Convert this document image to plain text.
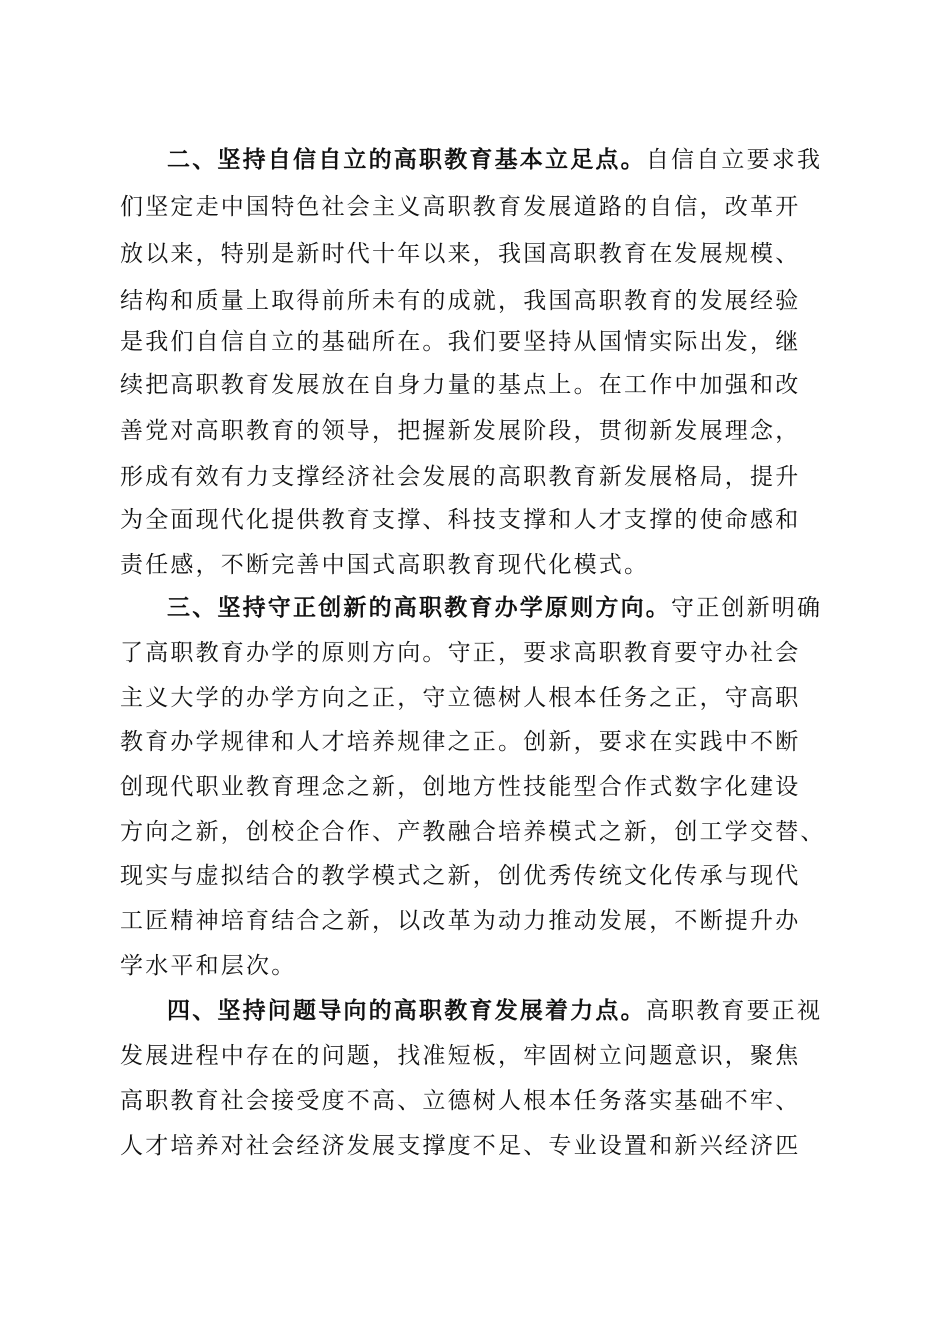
二、坚持自信自立的高职教育基本立足点。自信自立要求我
们坚定走中国特色社会主义高职教育发展道路的自信，改革开
放以来，特别是新时代十年以来，我国高职教育在发展规模、
结构和质量上取得前所未有的成就，我国高职教育的发展经验
是我们自信自立的基础所在。我们要坚持从国情实际出发，继
续把高职教育发展放在自身力量的基点上。在工作中加强和改
善党对高职教育的领导，把握新发展阶段，贯彻新发展理念，
形成有效有力支撑经济社会发展的高职教育新发展格局，提升
为全面现代化提供教育支撑、科技支撑和人才支撑的使命感和
责任感，不断完善中国式高职教育现代化模式。
三、坚持守正创新的高职教育办学原则方向。守正创新明确
了高职教育办学的原则方向。守正，要求高职教育要守办社会
主义大学的办学方向之正，守立德树人根本任务之正，守高职
教育办学规律和人才培养规律之正。创新，要求在实践中不断
创现代职业教育理念之新，创地方性技能型合作式数字化建设
方向之新，创校企合作、产教融合培养模式之新，创工学交替、
现实与虚拟结合的教学模式之新，创优秀传统文化传承与现代
工匠精神培育结合之新，以改革为动力推动发展，不断提升办
学水平和层次。
四、坚持问题导向的高职教育发展着力点。高职教育要正视
发展进程中存在的问题，找准短板，牢固树立问题意识，聚焦
高职教育社会接受度不高、立德树人根本任务落实基础不牢、
人才培养对社会经济发展支撑度不足、专业设置和新兴经济匹
